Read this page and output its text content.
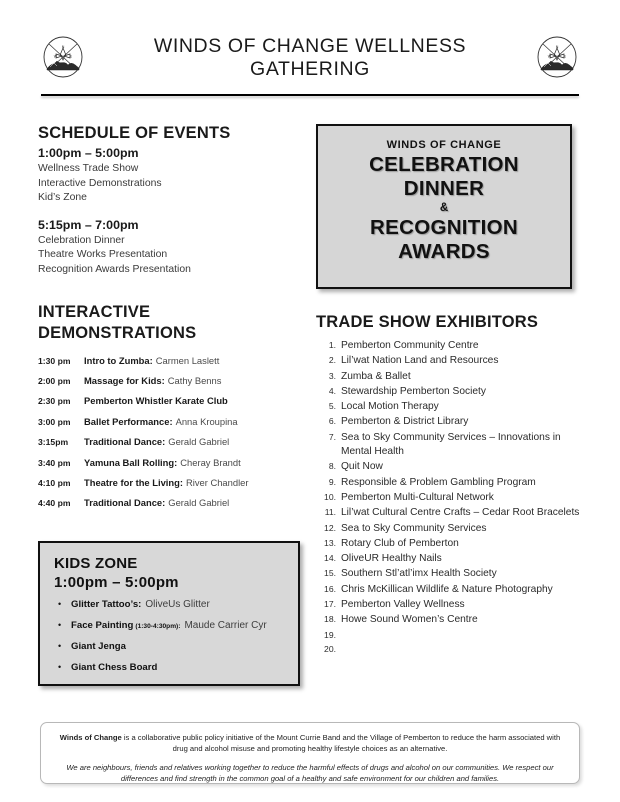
N
W	E	WINDS OF CHANGE WELLNESS
GATHERING
N
W	E
SCHEDULE OF EVENTS
1:00pm – 5:00pm
Wellness Trade Show
Interactive Demonstrations
Kid’s Zone
5:15pm – 7:00pm
Celebration Dinner
Theatre Works Presentation
Recognition Awards Presentation
INTERACTIVE
DEMONSTRATIONS
1:30 pm	Intro to Zumba: Carmen Laslett
2:00 pm	Massage for Kids: Cathy Benns
2:30 pm	Pemberton Whistler Karate Club
3:00 pm	Ballet Performance: Anna Kroupina
3:15pm	Traditional Dance: Gerald Gabriel
3:40 pm	Yamuna Ball Rolling: Cheray Brandt
4:10 pm	Theatre for the Living: River Chandler
4:40 pm	Traditional Dance: Gerald Gabriel
WINDS OF CHANGE
CELEBRATION
DINNER
&
RECOGNITION
AWARDS
TRADE SHOW EXHIBITORS
1. Pemberton Community Centre
2. Lil’wat Nation Land and Resources
3. Zumba & Ballet
4. Stewardship Pemberton Society
5. Local Motion Therapy
6. Pemberton & District Library
7. Sea to Sky Community Services – Innovations in Mental Health
8. Quit Now
9. Responsible & Problem Gambling Program
10. Pemberton Multi-Cultural Network
11. Lil’wat Cultural Centre Crafts – Cedar Root Bracelets
12. Sea to Sky Community Services
13. Rotary Club of Pemberton
14. OliveUR Healthy Nails
15. Southern Stl’atl’imx Health Society
16. Chris McKillican Wildlife & Nature Photography
17. Pemberton Valley Wellness
18. Howe Sound Women’s Centre
19.
20.
KIDS ZONE
1:00pm – 5:00pm
•	Glitter Tattoo’s: OliveUs Glitter
•	Face Painting (1:30-4:30pm): Maude Carrier Cyr
•	Giant Jenga
•	Giant Chess Board
Winds of Change is a collaborative public policy initiative of the Mount Currie Band and the Village of Pemberton to reduce the harm associated with drug and alcohol misuse and promoting healthy lifestyle choices as an alternative.
We are neighbours, friends and relatives working together to reduce the harmful effects of drugs and alcohol on our communities. We respect our differences and find strength in the common goal of a healthy and safe environment for our children and families.
